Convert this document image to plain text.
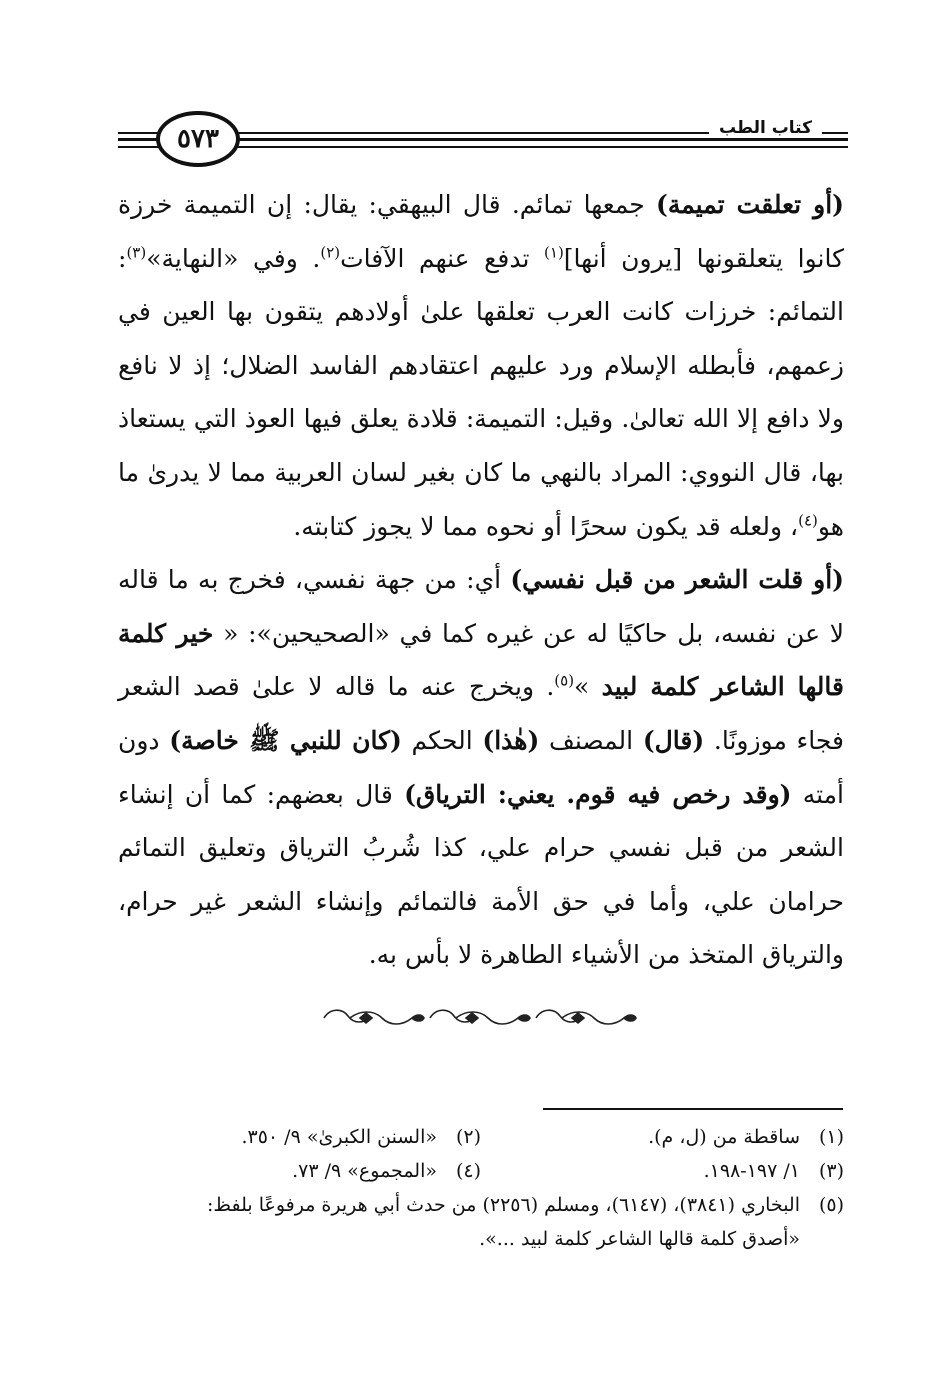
٥٧٣	كتاب الطب

(أو تعلقت تميمة) جمعها تمائم. قال البيهقي: يقال: إن التميمة خرزة كانوا يتعلقونها [يرون أنها]$^{(١)}$ تدفع عنهم الآفات$^{(٢)}$. وفي «النهاية»$^{(٣)}$: التمائم: خرزات كانت العرب تعلقها علىٰ أولادهم يتقون بها العين في زعمهم، فأبطله الإسلام ورد عليهم اعتقادهم الفاسد الضلال؛ إذ لا نافع ولا دافع إلا الله تعالىٰ. وقيل: التميمة: قلادة يعلق فيها العوذ التي يستعاذ بها، قال النووي: المراد بالنهي ما كان بغير لسان العربية مما لا يدرىٰ ما هو$^{(٤)}$، ولعله قد يكون سحرًا أو نحوه مما لا يجوز كتابته.

(أو قلت الشعر من قبل نفسي) أي: من جهة نفسي، فخرج به ما قاله لا عن نفسه، بل حاكيًا له عن غيره كما في «الصحيحين»: « خير كلمة قالها الشاعر كلمة لبيد »$^{(٥)}$. ويخرج عنه ما قاله لا علىٰ قصد الشعر فجاء موزونًا. (قال) المصنف (هٰذا) الحكم (كان للنبي ﷺ خاصة) دون أمته (وقد رخص فيه قوم. يعني: الترياق) قال بعضهم: كما أن إنشاء الشعر من قبل نفسي حرام علي، كذا شُربُ الترياق وتعليق التمائم حرامان علي، وأما في حق الأمة فالتمائم وإنشاء الشعر غير حرام، والترياق المتخذ من الأشياء الطاهرة لا بأس به.

(١)ساقطة من (ل، م).
(٢)«السنن الكبرىٰ» ٩/ ٣٥٠.
(٣)١/ ١٩٧-١٩٨.
(٤)«المجموع» ٩/ ٧٣.
(٥)البخاري (٣٨٤١)، (٦١٤٧)، ومسلم (٢٢٥٦) من حدث أبي هريرة مرفوعًا بلفظ:
«أصدق كلمة قالها الشاعر كلمة لبيد ...».
